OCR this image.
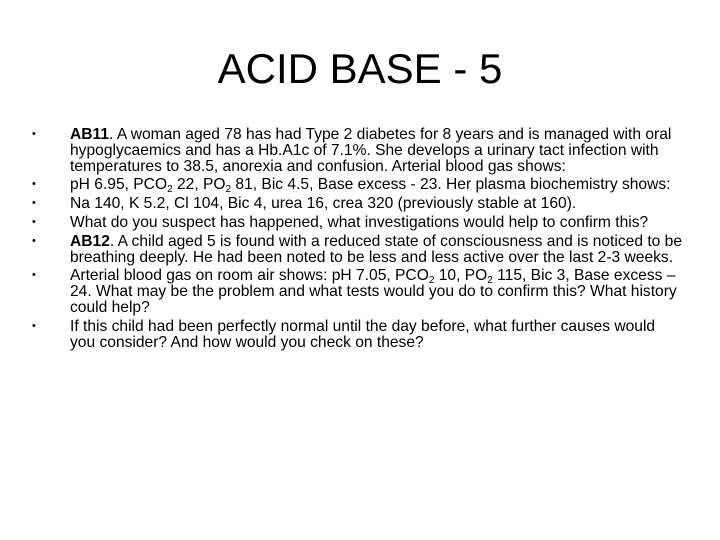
ACID BASE - 5
• AB11. A woman aged 78 has had Type 2 diabetes for 8 years and is managed with oral hypoglycaemics and has a Hb.A1c of 7.1%. She develops a urinary tact infection with temperatures to 38.5, anorexia and confusion. Arterial blood gas shows:
• pH 6.95, $PCO_2$ 22, $PO_2$ 81, Bic 4.5, Base excess - 23. Her plasma biochemistry shows:
• Na 140, K 5.2, Cl 104, Bic 4, urea 16, crea 320 (previously stable at 160).
• What do you suspect has happened, what investigations would help to confirm this?
• AB12. A child aged 5 is found with a reduced state of consciousness and is noticed to be breathing deeply. He had been noted to be less and less active over the last 2-3 weeks.
• Arterial blood gas on room air shows: pH 7.05, $PCO_2$ 10, $PO_2$ 115, Bic 3, Base excess – 24. What may be the problem and what tests would you do to confirm this? What history could help?
• If this child had been perfectly normal until the day before, what further causes would you consider? And how would you check on these?
